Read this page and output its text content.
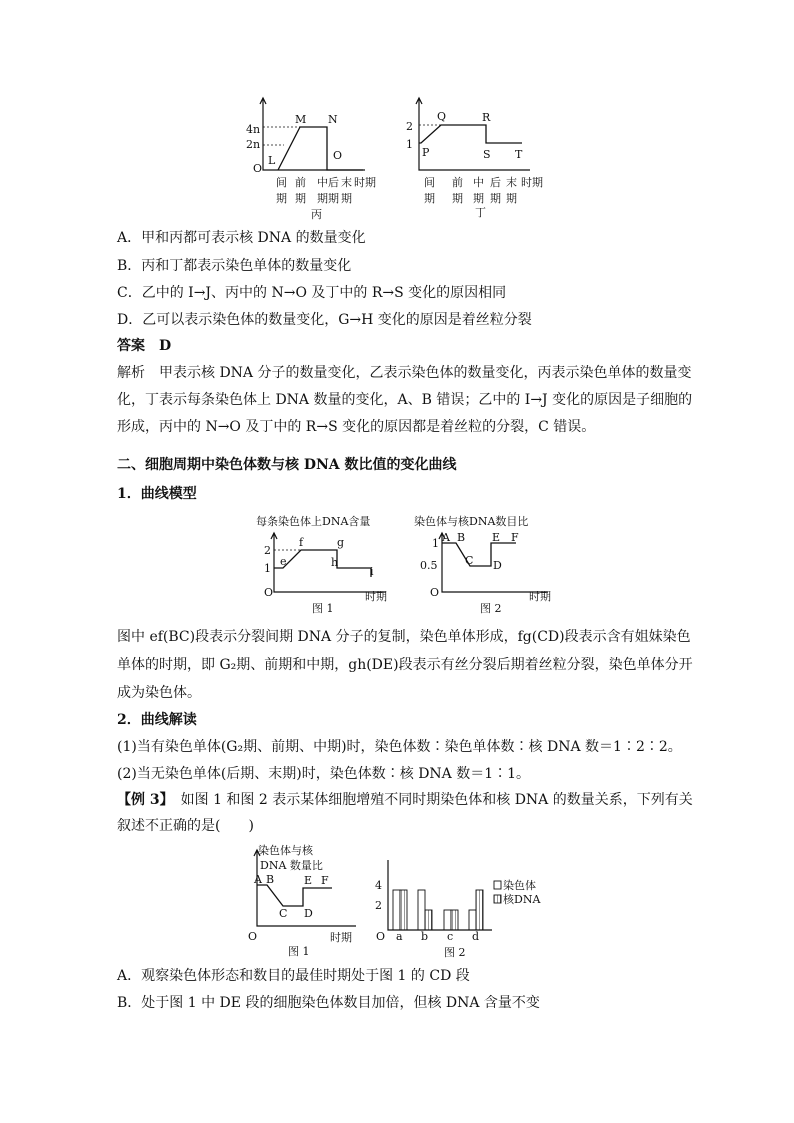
4n
2n
O
L
M N
O
间 前 中后 末 时期
期 期 期期 期
丙
2
1
P
Q	R
S T
间 前 中 后 末 时期
期 期 期 期 期
丁
A．甲和丙都可表示核 DNA 的数量变化
B．丙和丁都表示染色单体的数量变化
C．乙中的 I→J、丙中的 N→O 及丁中的 R→S 变化的原因相同
D．乙可以表示染色体的数量变化，G→H 变化的原因是着丝粒分裂
答案　D
解析　甲表示核 DNA 分子的数量变化，乙表示染色体的数量变化，丙表示染色单体的数量变化，丁表示每条染色体上 DNA 数量的变化，A、B 错误；乙中的 I→J 变化的原因是子细胞的形成，丙中的 N→O 及丁中的 R→S 变化的原因都是着丝粒的分裂，C 错误。
二、细胞周期中染色体数与核 DNA 数比值的变化曲线
1．曲线模型
每条染色体上DNA含量
2
1
e
f	g
h
i
O	时期
图 1
染色体与核DNA数目比
1
0.5
A B
C D
E F
O	时期
图 2
图中 ef(BC)段表示分裂间期 DNA 分子的复制，染色单体形成，fg(CD)段表示含有姐妹染色单体的时期，即 G₂期、前期和中期，gh(DE)段表示有丝分裂后期着丝粒分裂，染色单体分开成为染色体。
2．曲线解读
(1)当有染色单体(G₂期、前期、中期)时，染色体数∶染色单体数∶核 DNA 数＝1∶2∶2。
(2)当无染色单体(后期、末期)时，染色体数∶核 DNA 数＝1∶1。
【例 3】　如图 1 和图 2 表示某体细胞增殖不同时期染色体和核 DNA 的数量关系，下列有关叙述不正确的是(　　)
染色体与核
DNA 数量比
A B
C D
E F
O	时期
图 1
4
2
O a b c d
染色体
核DNA
图 2
A．观察染色体形态和数目的最佳时期处于图 1 的 CD 段
B．处于图 1 中 DE 段的细胞染色体数目加倍，但核 DNA 含量不变
